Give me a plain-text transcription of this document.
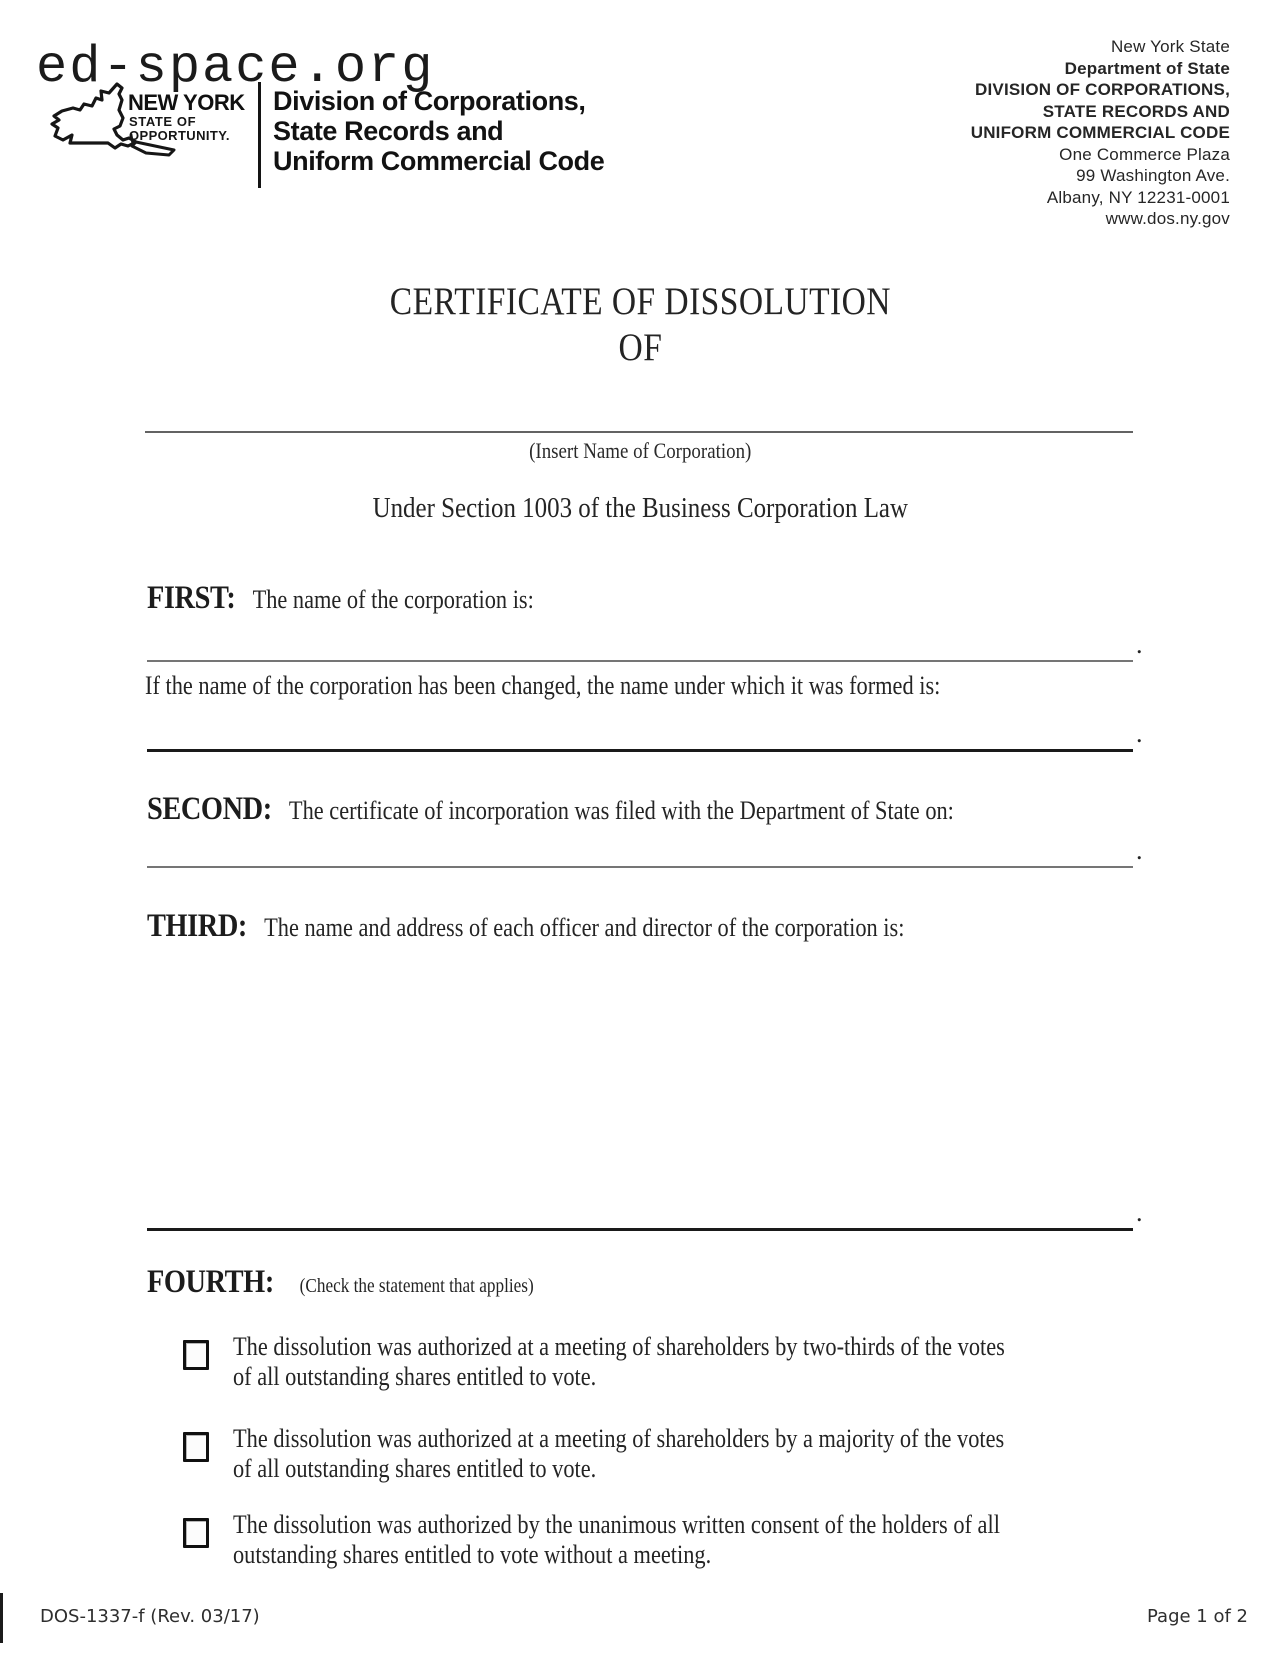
ed-space.org
NEW YORK
STATE OF
OPPORTUNITY.
Division of Corporations,
State Records and
Uniform Commercial Code
New York State
Department of State
DIVISION OF CORPORATIONS,
STATE RECORDS AND
UNIFORM COMMERCIAL CODE
One Commerce Plaza
99 Washington Ave.
Albany, NY 12231-0001
www.dos.ny.gov
CERTIFICATE OF DISSOLUTION
OF
(Insert Name of Corporation)
Under Section 1003 of the Business Corporation Law
FIRST: The name of the corporation is:
.
If the name of the corporation has been changed, the name under which it was formed is:
.
SECOND: The certificate of incorporation was filed with the Department of State on:
.
THIRD: The name and address of each officer and director of the corporation is:
.
FOURTH: (Check the statement that applies)
The dissolution was authorized at a meeting of shareholders by two-thirds of the votes
of all outstanding shares entitled to vote.
The dissolution was authorized at a meeting of shareholders by a majority of the votes
of all outstanding shares entitled to vote.
The dissolution was authorized by the unanimous written consent of the holders of all
outstanding shares entitled to vote without a meeting.
DOS-1337-f (Rev. 03/17)	Page 1 of 2
